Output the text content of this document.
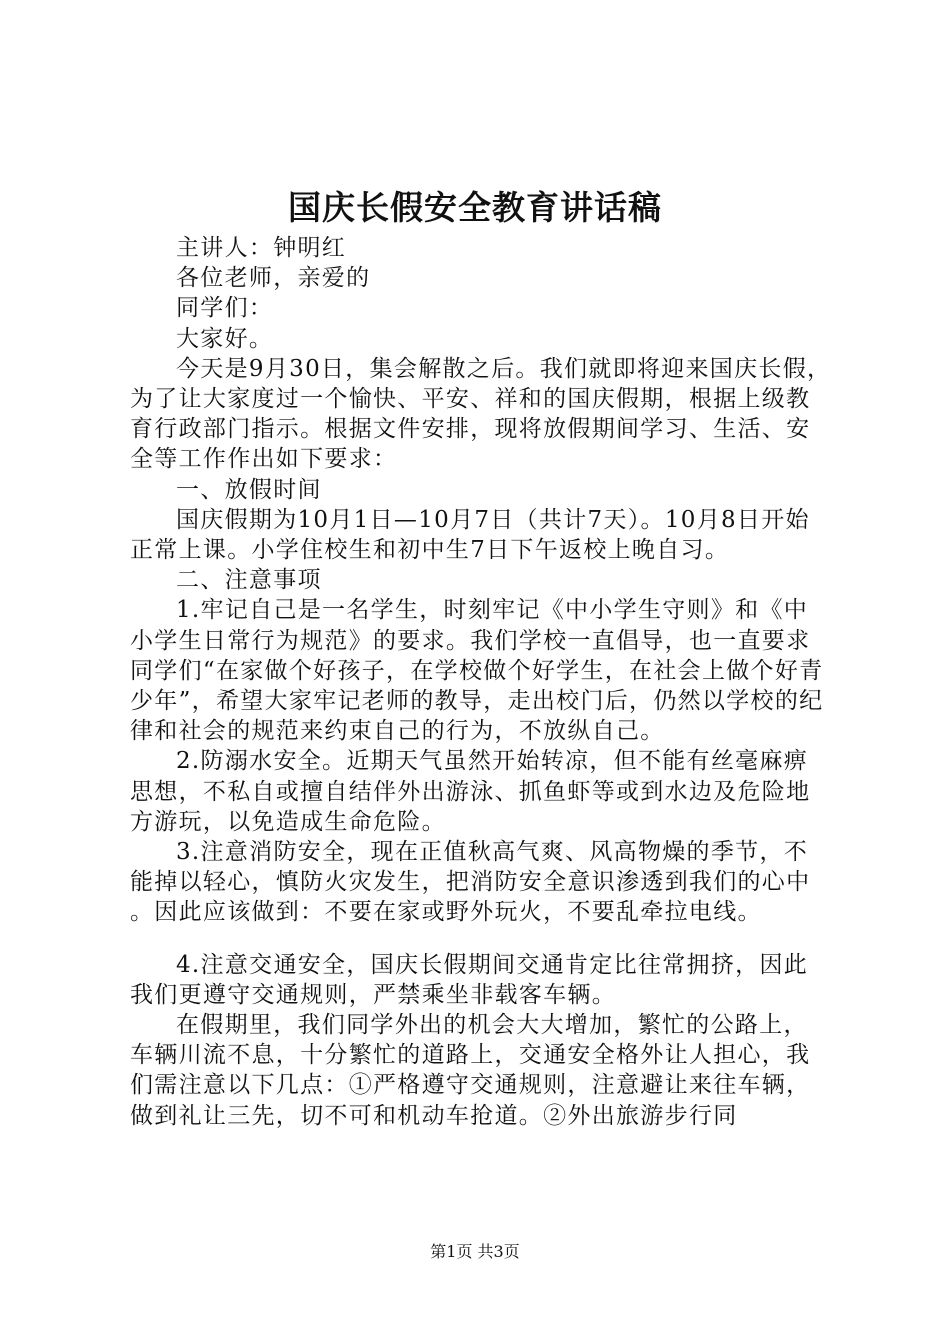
国庆长假安全教育讲话稿

主讲人：钟明红

各位老师，亲爱的

同学们：

大家好。

今天是9月30日，集会解散之后。我们就即将迎来国庆长假，为了让大家度过一个愉快、平安、祥和的国庆假期，根据上级教育行政部门指示。根据文件安排，现将放假期间学习、生活、安全等工作作出如下要求：

一、放假时间

国庆假期为10月1日—10月7日（共计7天）。10月8日开始正常上课。小学住校生和初中生7日下午返校上晚自习。

二、注意事项

1.牢记自己是一名学生，时刻牢记《中小学生守则》和《中小学生日常行为规范》的要求。我们学校一直倡导，也一直要求同学们“在家做个好孩子，在学校做个好学生，在社会上做个好青少年”，希望大家牢记老师的教导，走出校门后，仍然以学校的纪律和社会的规范来约束自己的行为，不放纵自己。

2.防溺水安全。近期天气虽然开始转凉，但不能有丝毫麻痹思想，不私自或擅自结伴外出游泳、抓鱼虾等或到水边及危险地方游玩，以免造成生命危险。

3.注意消防安全，现在正值秋高气爽、风高物燥的季节，不能掉以轻心，慎防火灾发生，把消防安全意识渗透到我们的心中。因此应该做到：不要在家或野外玩火，不要乱牵拉电线。

4.注意交通安全，国庆长假期间交通肯定比往常拥挤，因此我们更遵守交通规则，严禁乘坐非载客车辆。

在假期里，我们同学外出的机会大大增加，繁忙的公路上，车辆川流不息，十分繁忙的道路上，交通安全格外让人担心，我们需注意以下几点：①严格遵守交通规则，注意避让来往车辆，做到礼让三先，切不可和机动车抢道。②外出旅游步行同

第1页 共3页
